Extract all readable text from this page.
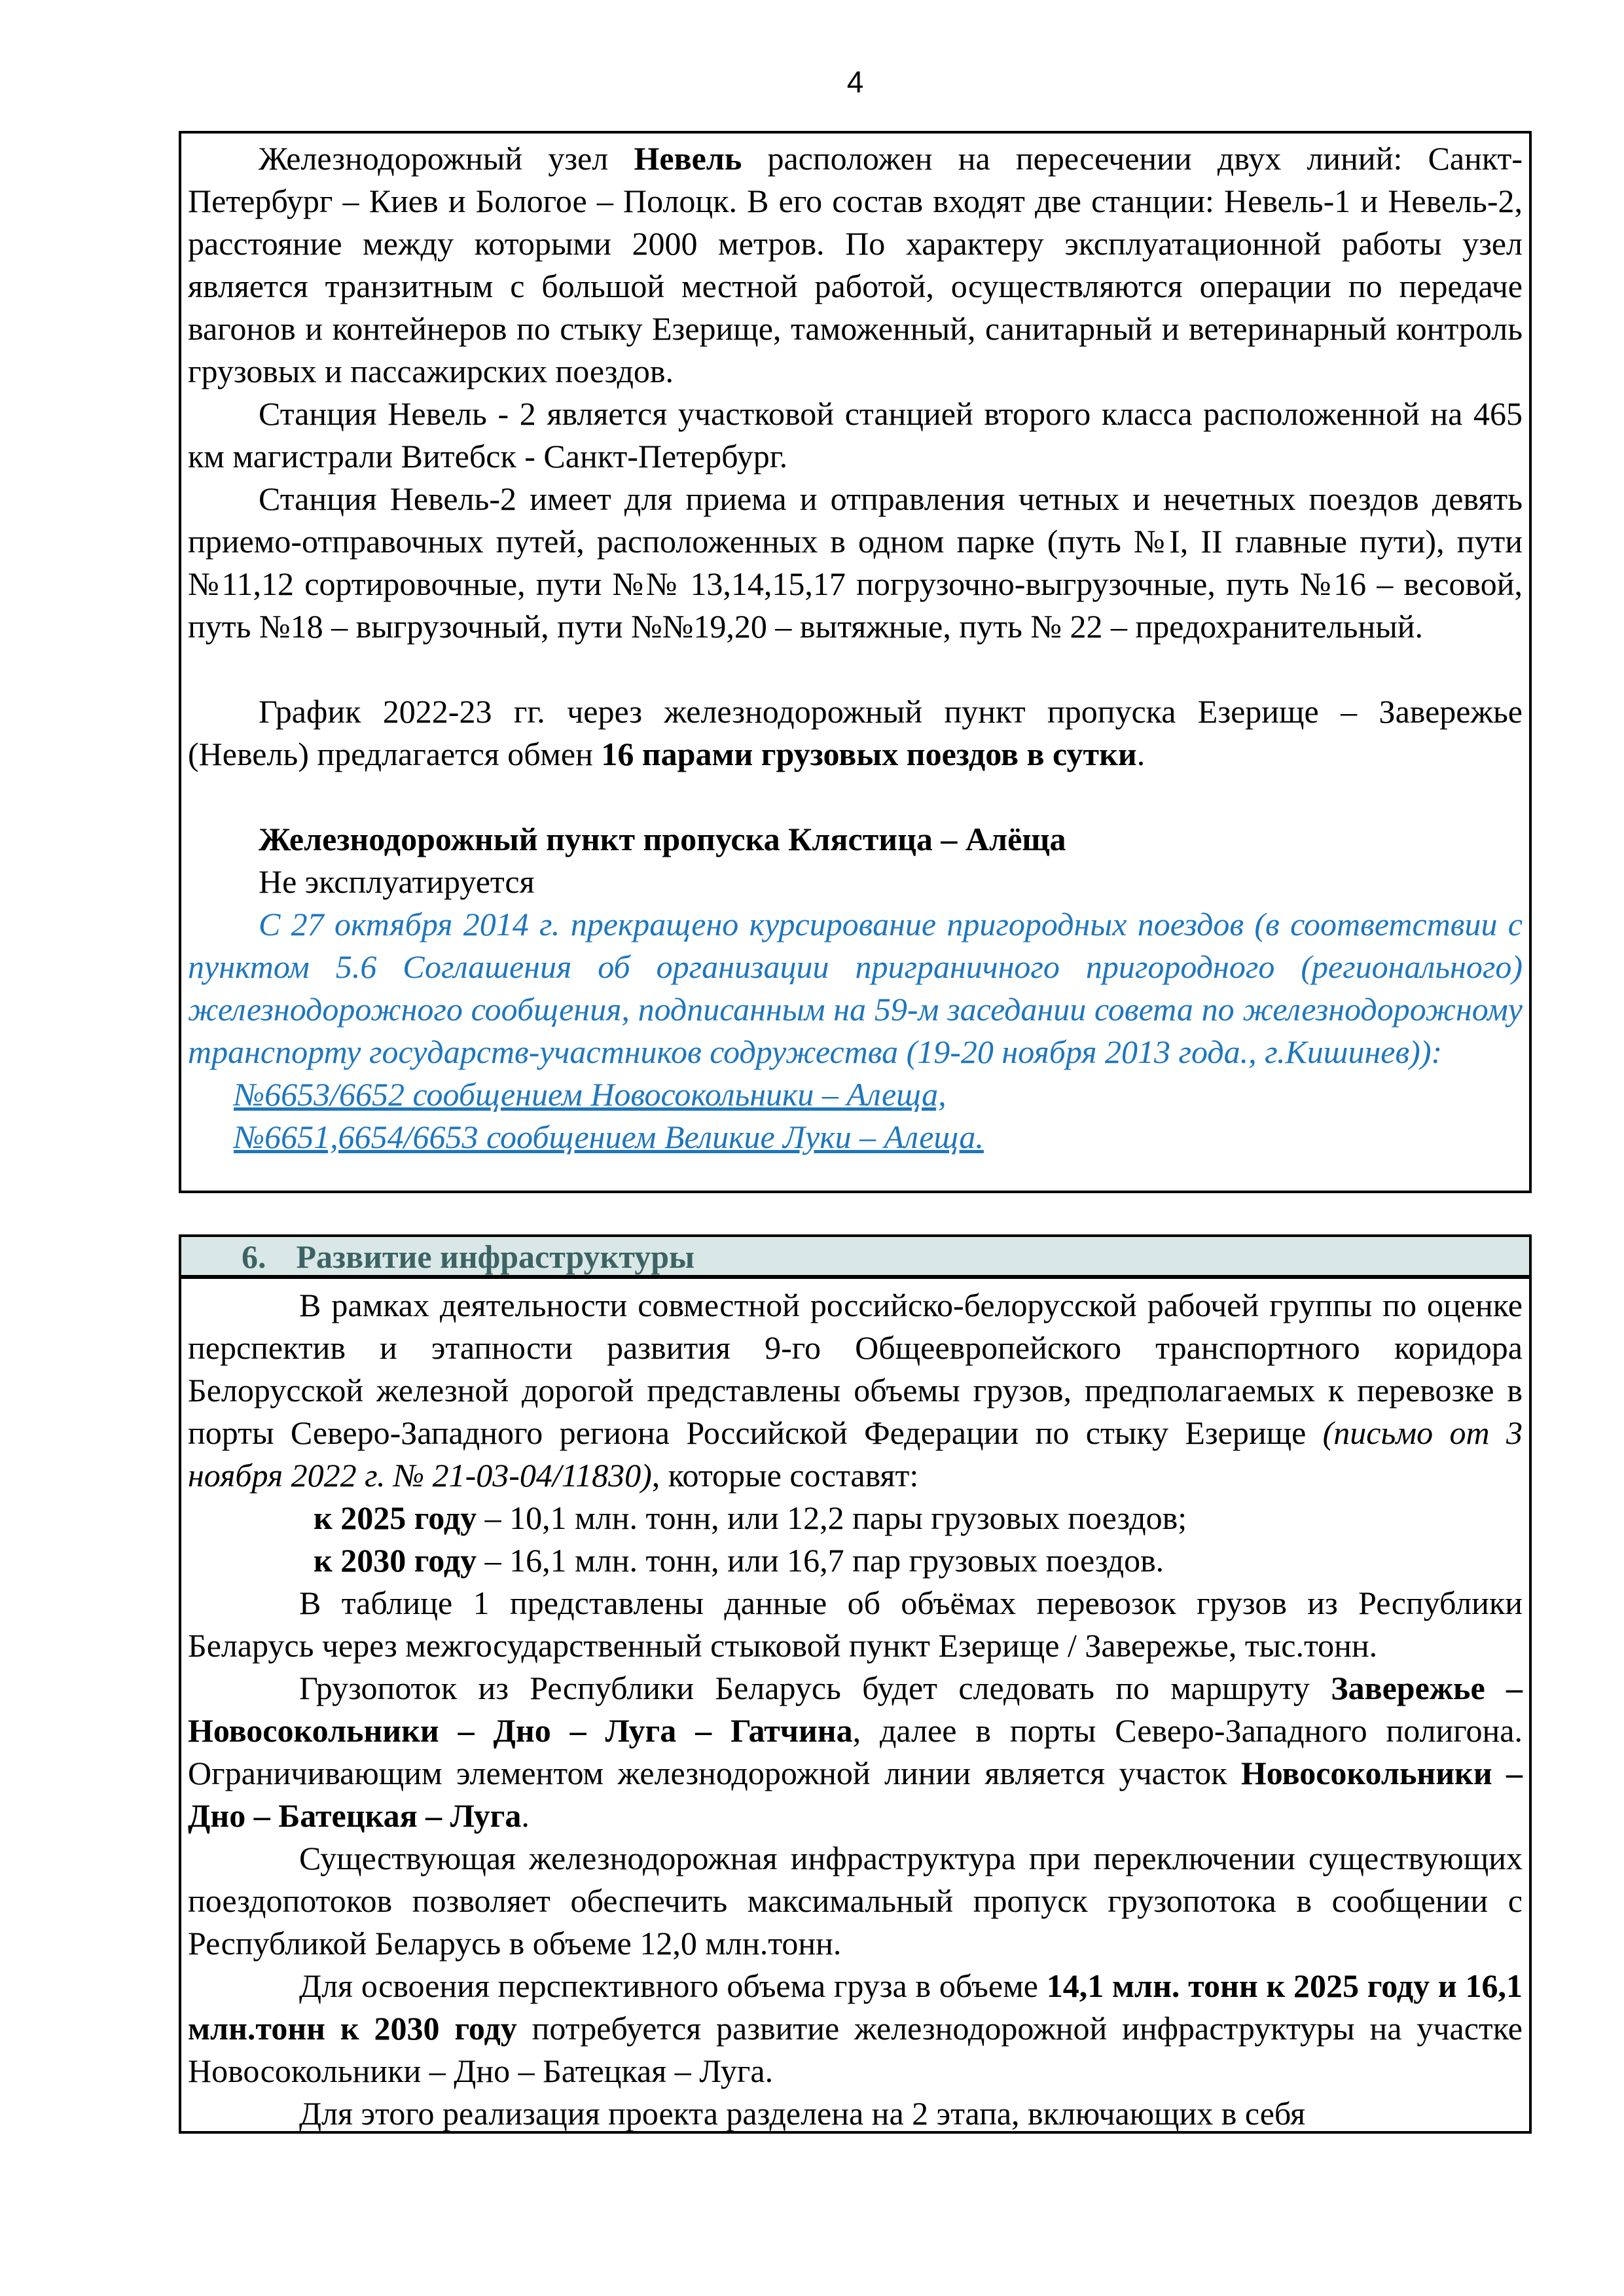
4

Железнодорожный узел Невель расположен на пересечении двух линий: Санкт-Петербург – Киев и Бологое – Полоцк. В его состав входят две станции: Невель-1 и Невель-2, расстояние между которыми 2000 метров. По характеру эксплуатационной работы узел является транзитным с большой местной работой, осуществляются операции по передаче вагонов и контейнеров по стыку Езерище, таможенный, санитарный и ветеринарный контроль грузовых и пассажирских поездов.

Станция Невель - 2 является участковой станцией второго класса расположенной на 465 км магистрали Витебск - Санкт-Петербург.

Станция Невель-2 имеет для приема и отправления четных и нечетных поездов девять приемо-отправочных путей, расположенных в одном парке (путь №I, II главные пути), пути №11,12 сортировочные, пути №№ 13,14,15,17 погрузочно-выгрузочные, путь №16 – весовой, путь №18 – выгрузочный, пути №№19,20 – вытяжные, путь № 22 – предохранительный.

График 2022-23 гг. через железнодорожный пункт пропуска Езерище – Завережье (Невель) предлагается обмен 16 парами грузовых поездов в сутки.

Железнодорожный пункт пропуска Клястица – Алёща

Не эксплуатируется

С 27 октября 2014 г. прекращено курсирование пригородных поездов (в соответствии с пунктом 5.6 Соглашения об организации приграничного пригородного (регионального) железнодорожного сообщения, подписанным на 59-м заседании совета по железнодорожному транспорту государств-участников содружества (19-20 ноября 2013 года., г.Кишинев)):

№6653/6652 сообщением Новосокольники – Алеща,

№6651,6654/6653 сообщением Великие Луки – Алеща.

6. Развитие инфраструктуры

В рамках деятельности совместной российско-белорусской рабочей группы по оценке перспектив и этапности развития 9-го Общеевропейского транспортного коридора Белорусской железной дорогой представлены объемы грузов, предполагаемых к перевозке в порты Северо-Западного региона Российской Федерации по стыку Езерище (письмо от 3 ноября 2022 г. № 21-03-04/11830), которые составят:

к 2025 году – 10,1 млн. тонн, или 12,2 пары грузовых поездов;

к 2030 году – 16,1 млн. тонн, или 16,7 пар грузовых поездов.

В таблице 1 представлены данные об объёмах перевозок грузов из Республики Беларусь через межгосударственный стыковой пункт Езерище / Завережье, тыс.тонн.

Грузопоток из Республики Беларусь будет следовать по маршруту Завережье – Новосокольники – Дно – Луга – Гатчина, далее в порты Северо-Западного полигона. Ограничивающим элементом железнодорожной линии является участок Новосокольники – Дно – Батецкая – Луга.

Существующая железнодорожная инфраструктура при переключении существующих поездопотоков позволяет обеспечить максимальный пропуск грузопотока в сообщении с Республикой Беларусь в объеме 12,0 млн.тонн.

Для освоения перспективного объема груза в объеме 14,1 млн. тонн к 2025 году и 16,1 млн.тонн к 2030 году потребуется развитие железнодорожной инфраструктуры на участке Новосокольники – Дно – Батецкая – Луга.

Для этого реализация проекта разделена на 2 этапа, включающих в себя
